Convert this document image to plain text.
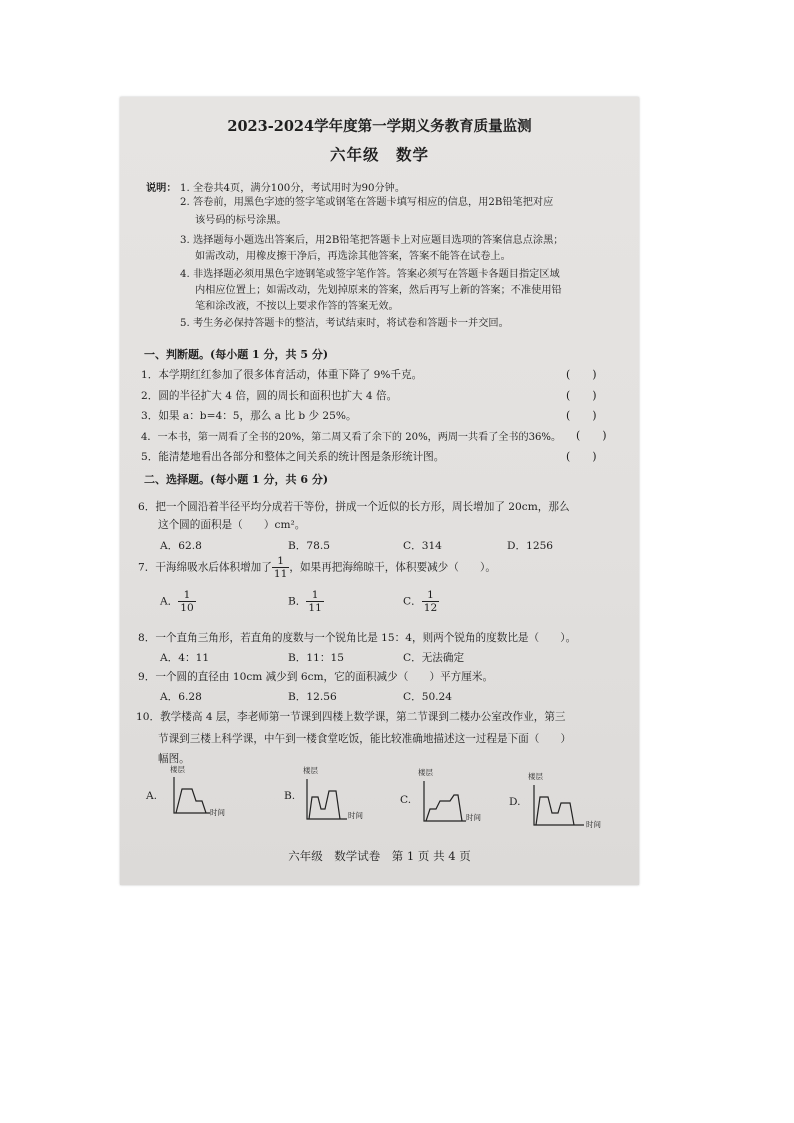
2023-2024学年度第一学期义务教育质量监测
六年级　数学
说明： 1. 全卷共4页，满分100分，考试用时为90分钟。
2. 答卷前，用黑色字迹的签字笔或钢笔在答题卡填写相应的信息，用2B铅笔把对应
该号码的标号涂黑。
3. 选择题每小题选出答案后，用2B铅笔把答题卡上对应题目选项的答案信息点涂黑；
如需改动，用橡皮擦干净后，再选涂其他答案，答案不能答在试卷上。
4. 非选择题必须用黑色字迹钢笔或签字笔作答。答案必须写在答题卡各题目指定区域
内相应位置上；如需改动，先划掉原来的答案，然后再写上新的答案；不准使用铅
笔和涂改液，不按以上要求作答的答案无效。
5. 考生务必保持答题卡的整洁，考试结束时，将试卷和答题卡一并交回。
一、判断题。(每小题 1 分，共 5 分)
1．本学期红红参加了很多体育活动，体重下降了 9%千克。	(　　)
2．圆的半径扩大 4 倍，圆的周长和面积也扩大 4 倍。	(　　)
3．如果 a：b=4：5，那么 a 比 b 少 25%。	(　　)
4．一本书，第一周看了全书的20%，第二周又看了余下的 20%，两周一共看了全书的36%。 (　　)
5．能清楚地看出各部分和整体之间关系的统计图是条形统计图。	(　　)
二、选择题。(每小题 1 分，共 6 分)
6．把一个圆沿着半径平均分成若干等份，拼成一个近似的长方形，周长增加了 20cm，那么
这个圆的面积是（　　）cm²。
A．62.8	B．78.5	C．314	D．1256
7．干海绵吸水后体积增加了 $\frac{1}{11}$ ，如果再把海绵晾干，体积要减少（　　）。
A． $\frac{1}{10}$	B． $\frac{1}{11}$	C． $\frac{1}{12}$
8．一个直角三角形，若直角的度数与一个锐角比是 15：4，则两个锐角的度数比是（　　）。
A．4：11	B．11：15	C．无法确定
9．一个圆的直径由 10cm 减少到 6cm，它的面积减少（　　）平方厘米。
A．6.28	B．12.56	C．50.24
10．教学楼高 4 层，李老师第一节课到四楼上数学课，第二节课到二楼办公室改作业，第三
节课到三楼上科学课，中午到一楼食堂吃饭，能比较准确地描述这一过程是下面（　　）
幅图。
A.
楼层
时间
B.
楼层
时间
C.
楼层
时间
D.
楼层
时间
六年级　数学试卷　第 1 页 共 4 页
